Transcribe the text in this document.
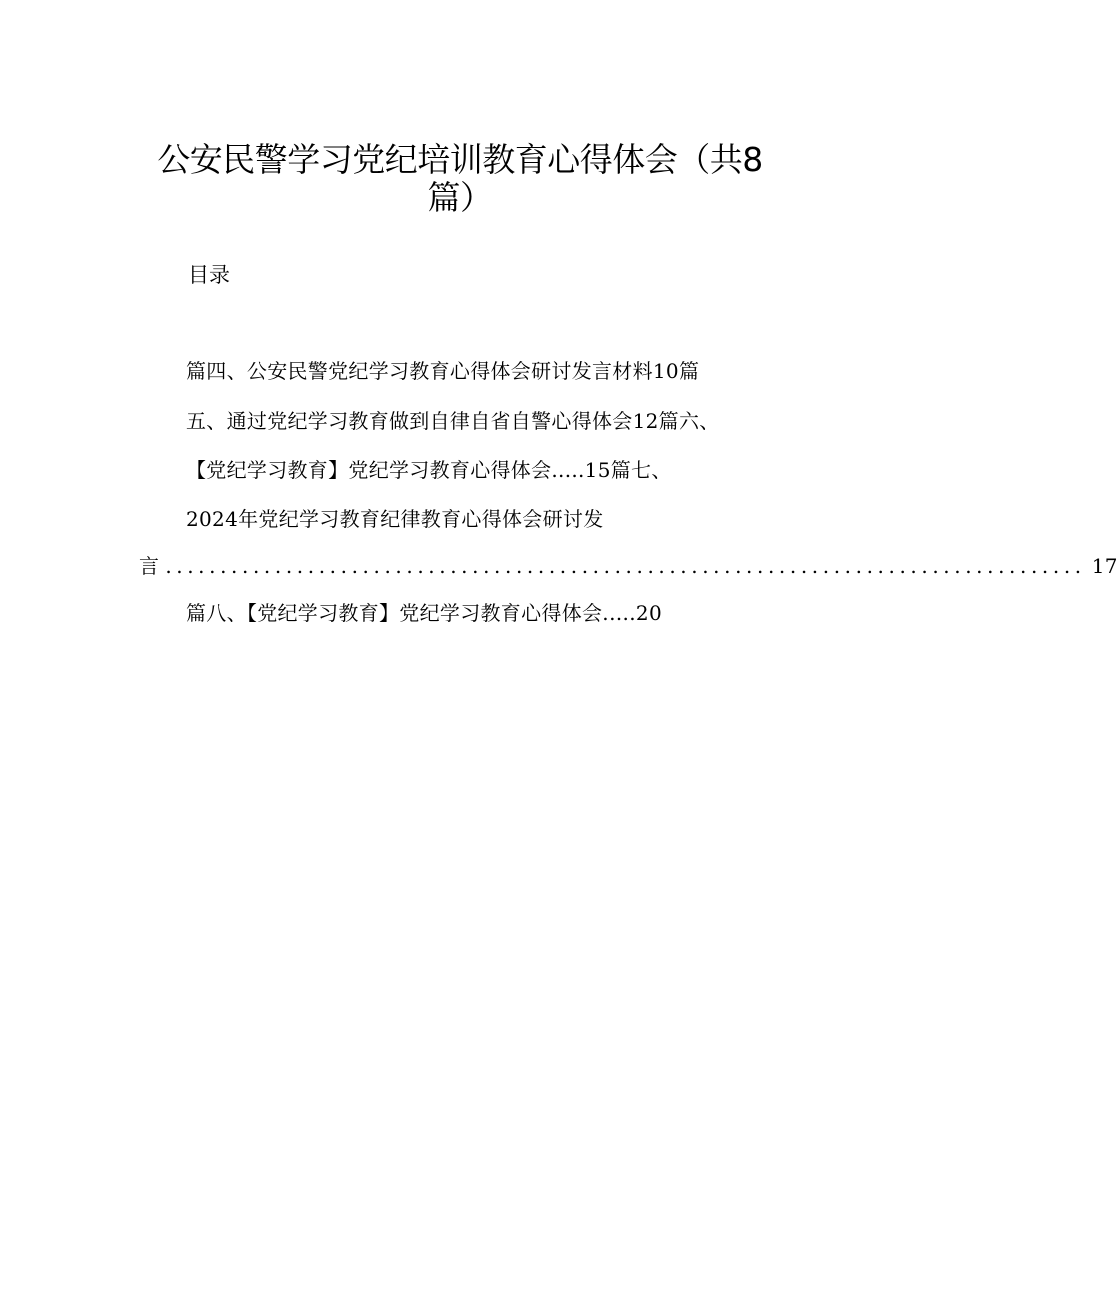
公安民警学习党纪培训教育心得体会（共8
篇）
目录
篇四、公安民警党纪学习教育心得体会研讨发言材料10篇
五、通过党纪学习教育做到自律自省自警心得体会12篇六、
【党纪学习教育】党纪学习教育心得体会.....15篇七、
2024年党纪学习教育纪律教育心得体会研讨发
言 .................................................................................... 17
篇八、【党纪学习教育】党纪学习教育心得体会.….20
